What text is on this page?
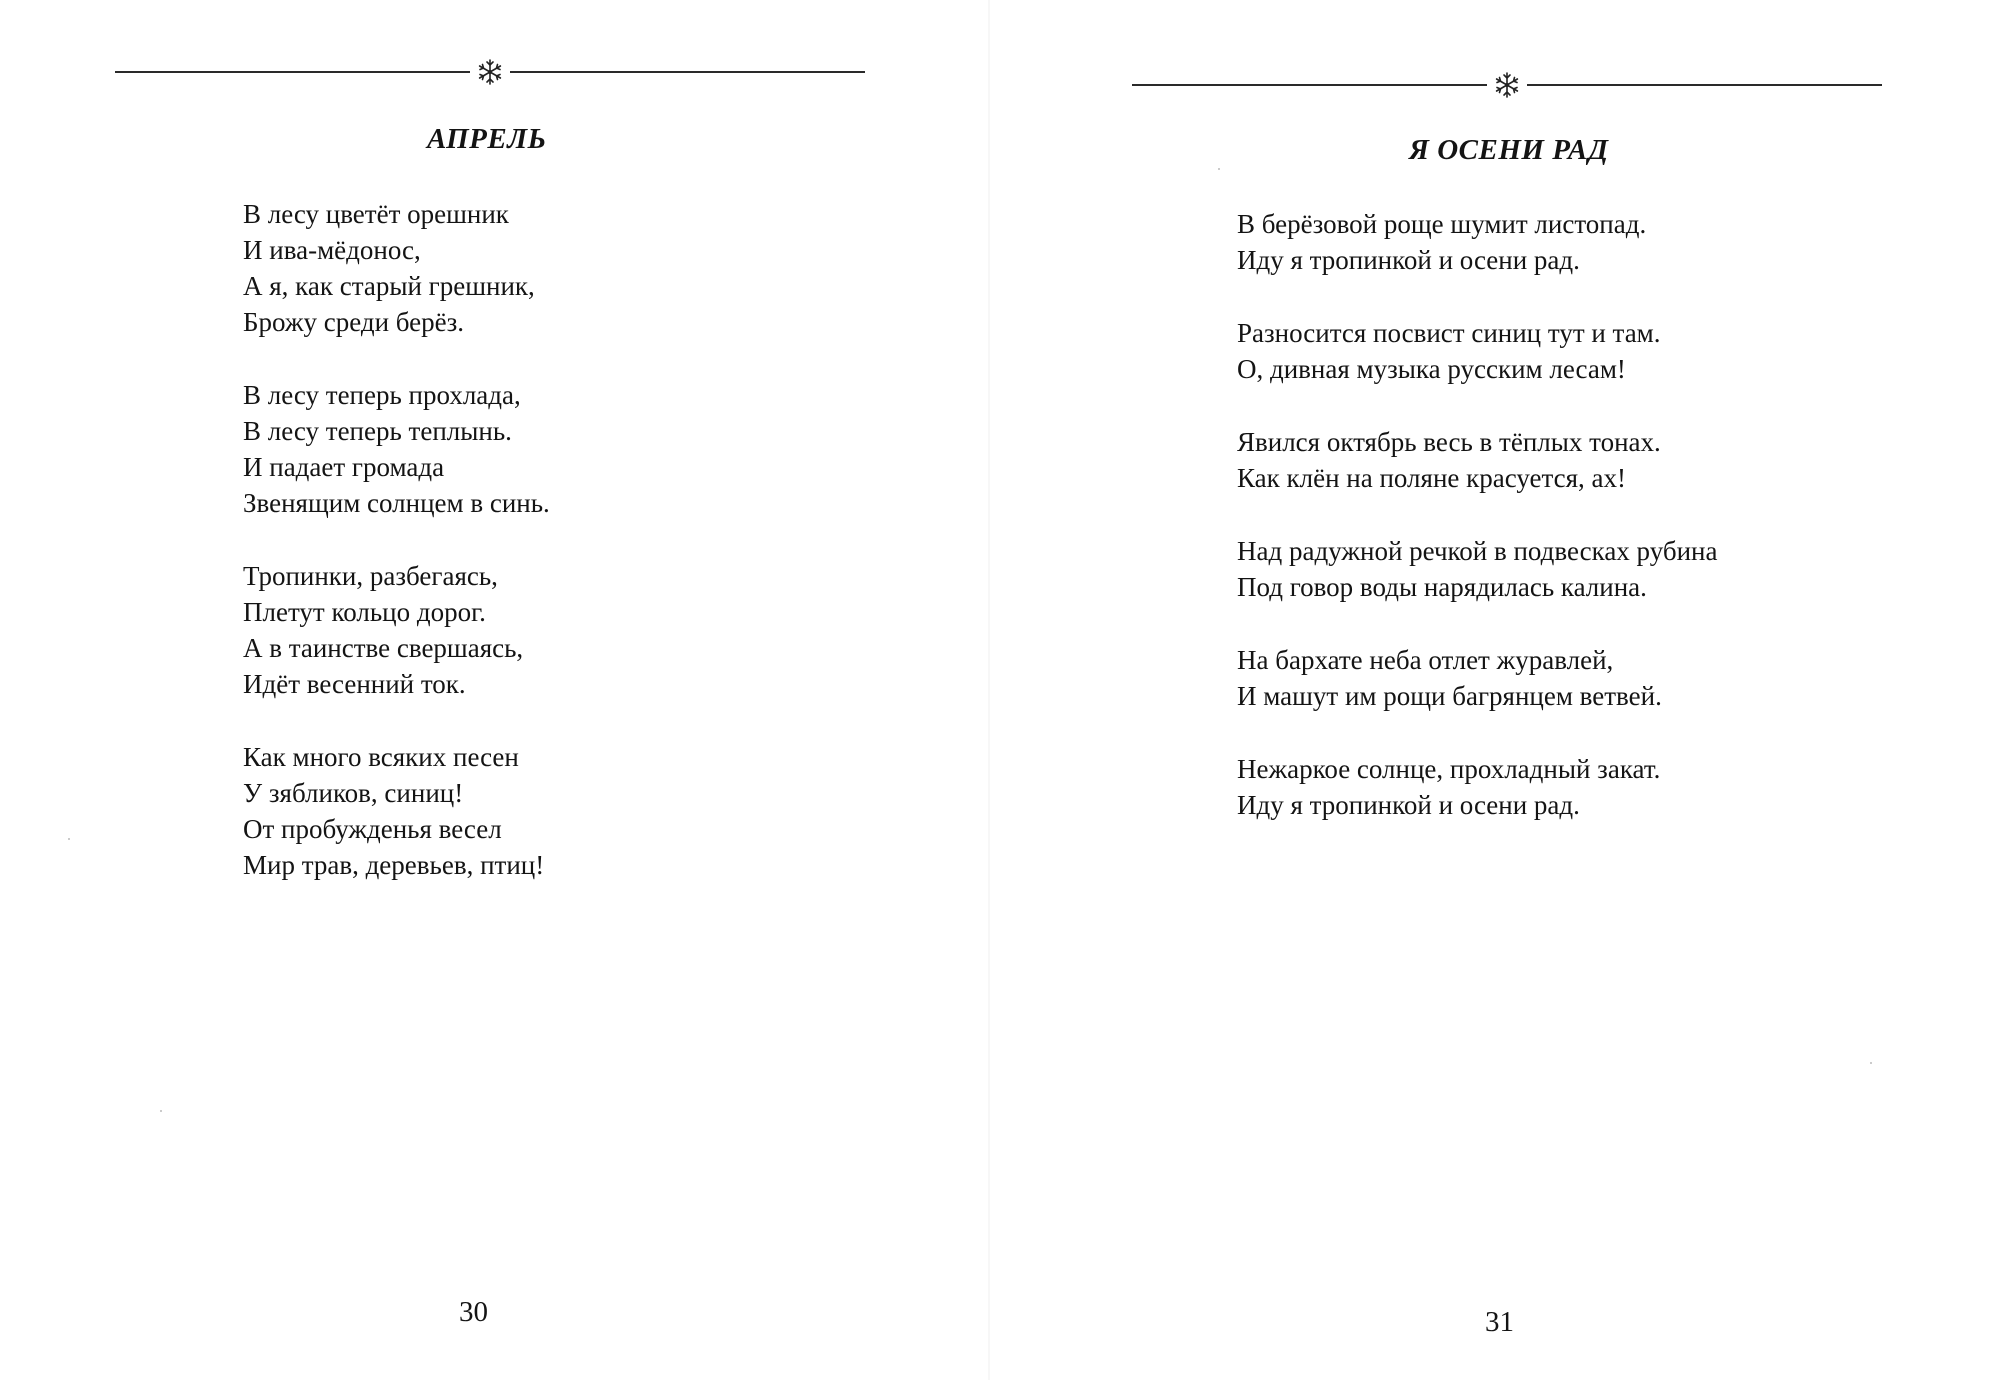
АПРЕЛЬ
В лесу цветёт орешник
И ива-мёдонос,
А я, как старый грешник,
Брожу среди берёз.
В лесу теперь прохлада,
В лесу теперь теплынь.
И падает громада
Звенящим солнцем в синь.
Тропинки, разбегаясь,
Плетут кольцо дорог.
А в таинстве свершаясь,
Идёт весенний ток.
Как много всяких песен
У зябликов, синиц!
От пробужденья весел
Мир трав, деревьев, птиц!
30
Я ОСЕНИ РАД
В берёзовой роще шумит листопад.
Иду я тропинкой и осени рад.
Разносится посвист синиц тут и там.
О, дивная музыка русским лесам!
Явился октябрь весь в тёплых тонах.
Как клён на поляне красуется, ах!
Над радужной речкой в подвесках рубина
Под говор воды нарядилась калина.
На бархате неба отлет журавлей,
И машут им рощи багрянцем ветвей.
Нежаркое солнце, прохладный закат.
Иду я тропинкой и осени рад.
31
